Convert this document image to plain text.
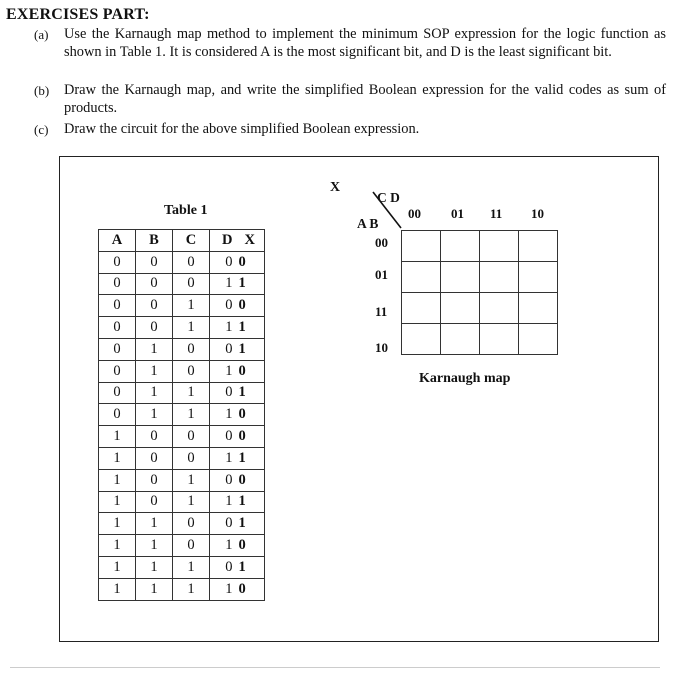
EXERCISES PART:
(a) Use the Karnaugh map method to implement the minimum SOP expression for the logic function as shown in Table 1. It is considered A is the most significant bit, and D is the least significant bit.
(b) Draw the Karnaugh map, and write the simplified Boolean expression for the valid codes as sum of products.
(c) Draw the circuit for the above simplified Boolean expression.
Table 1
A	B	C	D	X
0	0	0	0	0
0	0	0	1	1
0	0	1	0	0
0	0	1	1	1
0	1	0	0	1
0	1	0	1	0
0	1	1	0	1
0	1	1	1	0
1	0	0	0	0
1	0	0	1	1
1	0	1	0	0
1	0	1	1	1
1	1	0	0	1
1	1	0	1	0
1	1	1	0	1
1	1	1	1	0
X
C D
A B
00 01 11 10
00
01
11
10

Karnaugh map
